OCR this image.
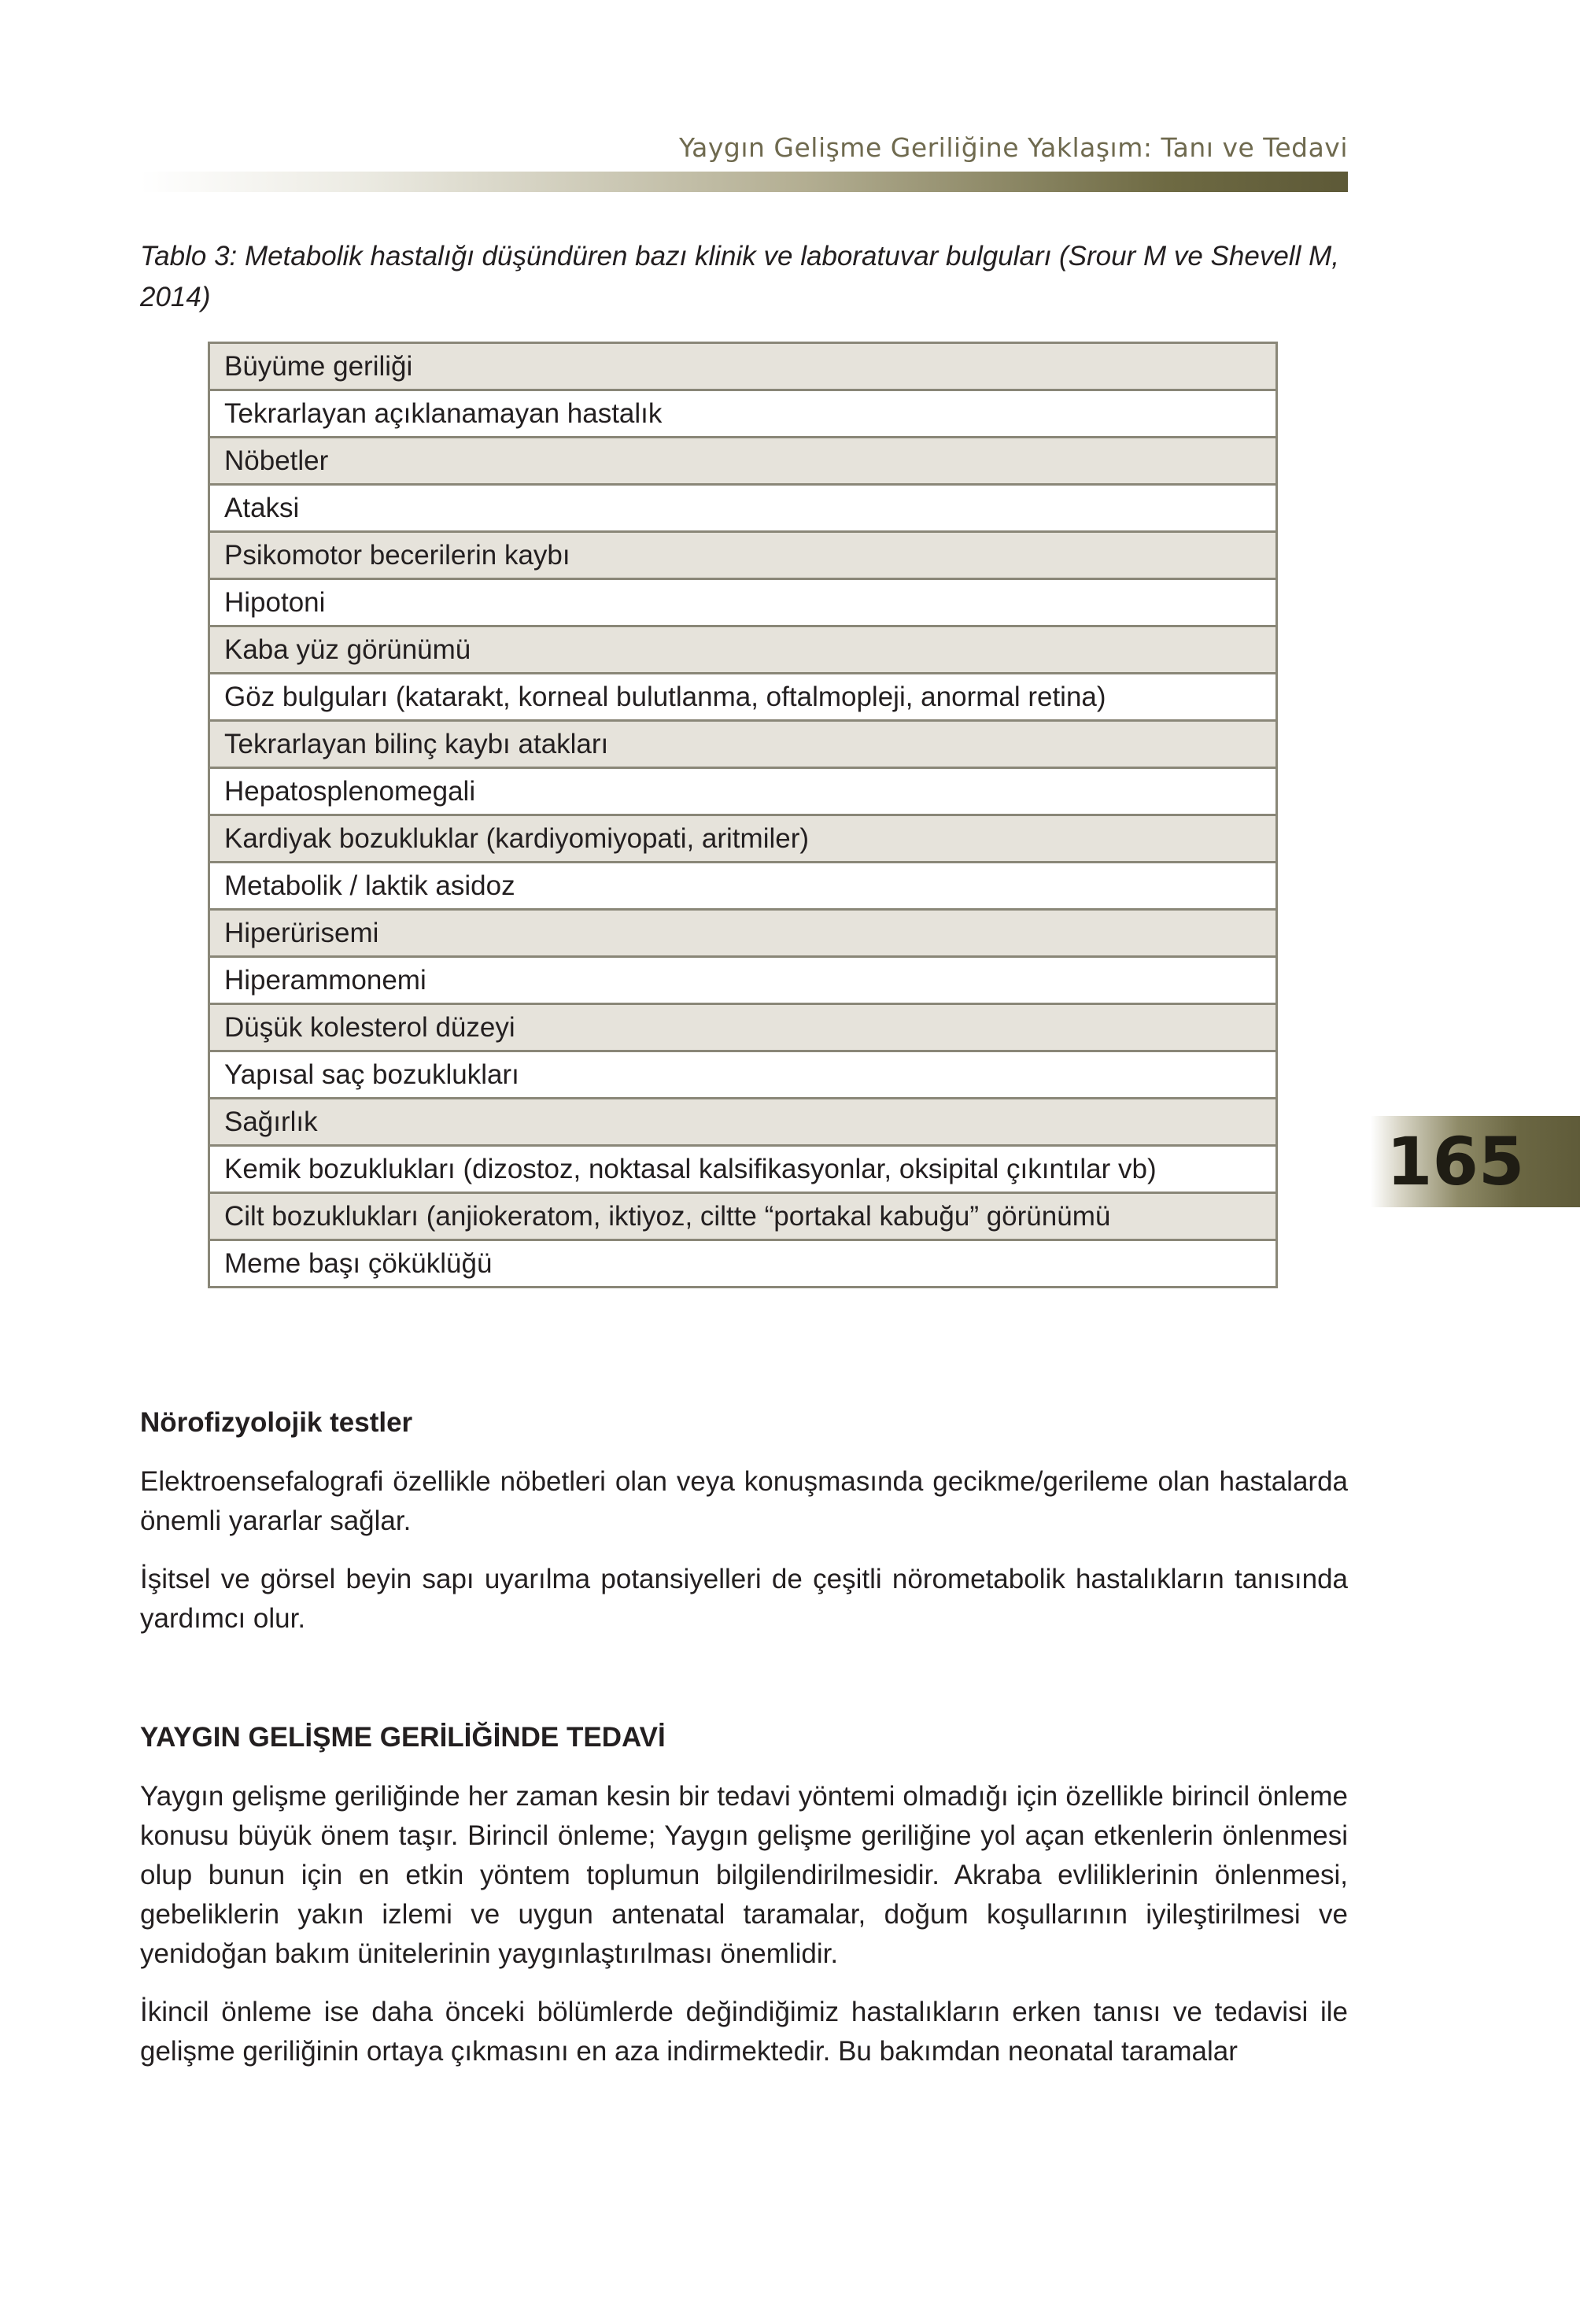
Yaygın Gelişme Geriliğine Yaklaşım: Tanı ve Tedavi
Tablo 3: Metabolik hastalığı düşündüren bazı klinik ve laboratuvar bulguları (Srour M ve Shevell M, 2014)
Büyüme geriliği
Tekrarlayan açıklanamayan hastalık
Nöbetler
Ataksi
Psikomotor becerilerin kaybı
Hipotoni
Kaba yüz görünümü
Göz bulguları (katarakt, korneal bulutlanma, oftalmopleji, anormal retina)
Tekrarlayan bilinç kaybı atakları
Hepatosplenomegali
Kardiyak bozukluklar (kardiyomiyopati, aritmiler)
Metabolik / laktik asidoz
Hiperürisemi
Hiperammonemi
Düşük kolesterol düzeyi
Yapısal saç bozuklukları
Sağırlık
Kemik bozuklukları (dizostoz, noktasal kalsifikasyonlar, oksipital çıkıntılar vb)
Cilt bozuklukları (anjiokeratom, iktiyoz, ciltte “portakal kabuğu” görünümü
Meme başı çöküklüğü
165

Nörofizyolojik testler

Elektroensefalografi özellikle nöbetleri olan veya konuşmasında gecikme/gerileme olan hastalarda önemli yararlar sağlar.

İşitsel ve görsel beyin sapı uyarılma potansiyelleri de çeşitli nörometabolik hastalıkların tanısında yardımcı olur.

YAYGIN GELİŞME GERİLİĞİNDE TEDAVİ

Yaygın gelişme geriliğinde her zaman kesin bir tedavi yöntemi olmadığı için özellikle birincil önleme konusu büyük önem taşır. Birincil önleme; Yaygın gelişme geriliğine yol açan etkenlerin önlenmesi olup bunun için en etkin yöntem toplumun bilgilendirilmesidir. Akraba evliliklerinin önlenmesi, gebeliklerin yakın izlemi ve uygun antenatal taramalar, doğum koşullarının iyileştirilmesi ve yenidoğan bakım ünitelerinin yaygınlaştırılması önemlidir.

İkincil önleme ise daha önceki bölümlerde değindiğimiz hastalıkların erken tanısı ve tedavisi ile gelişme geriliğinin ortaya çıkmasını en aza indirmektedir. Bu bakımdan neonatal taramalar
